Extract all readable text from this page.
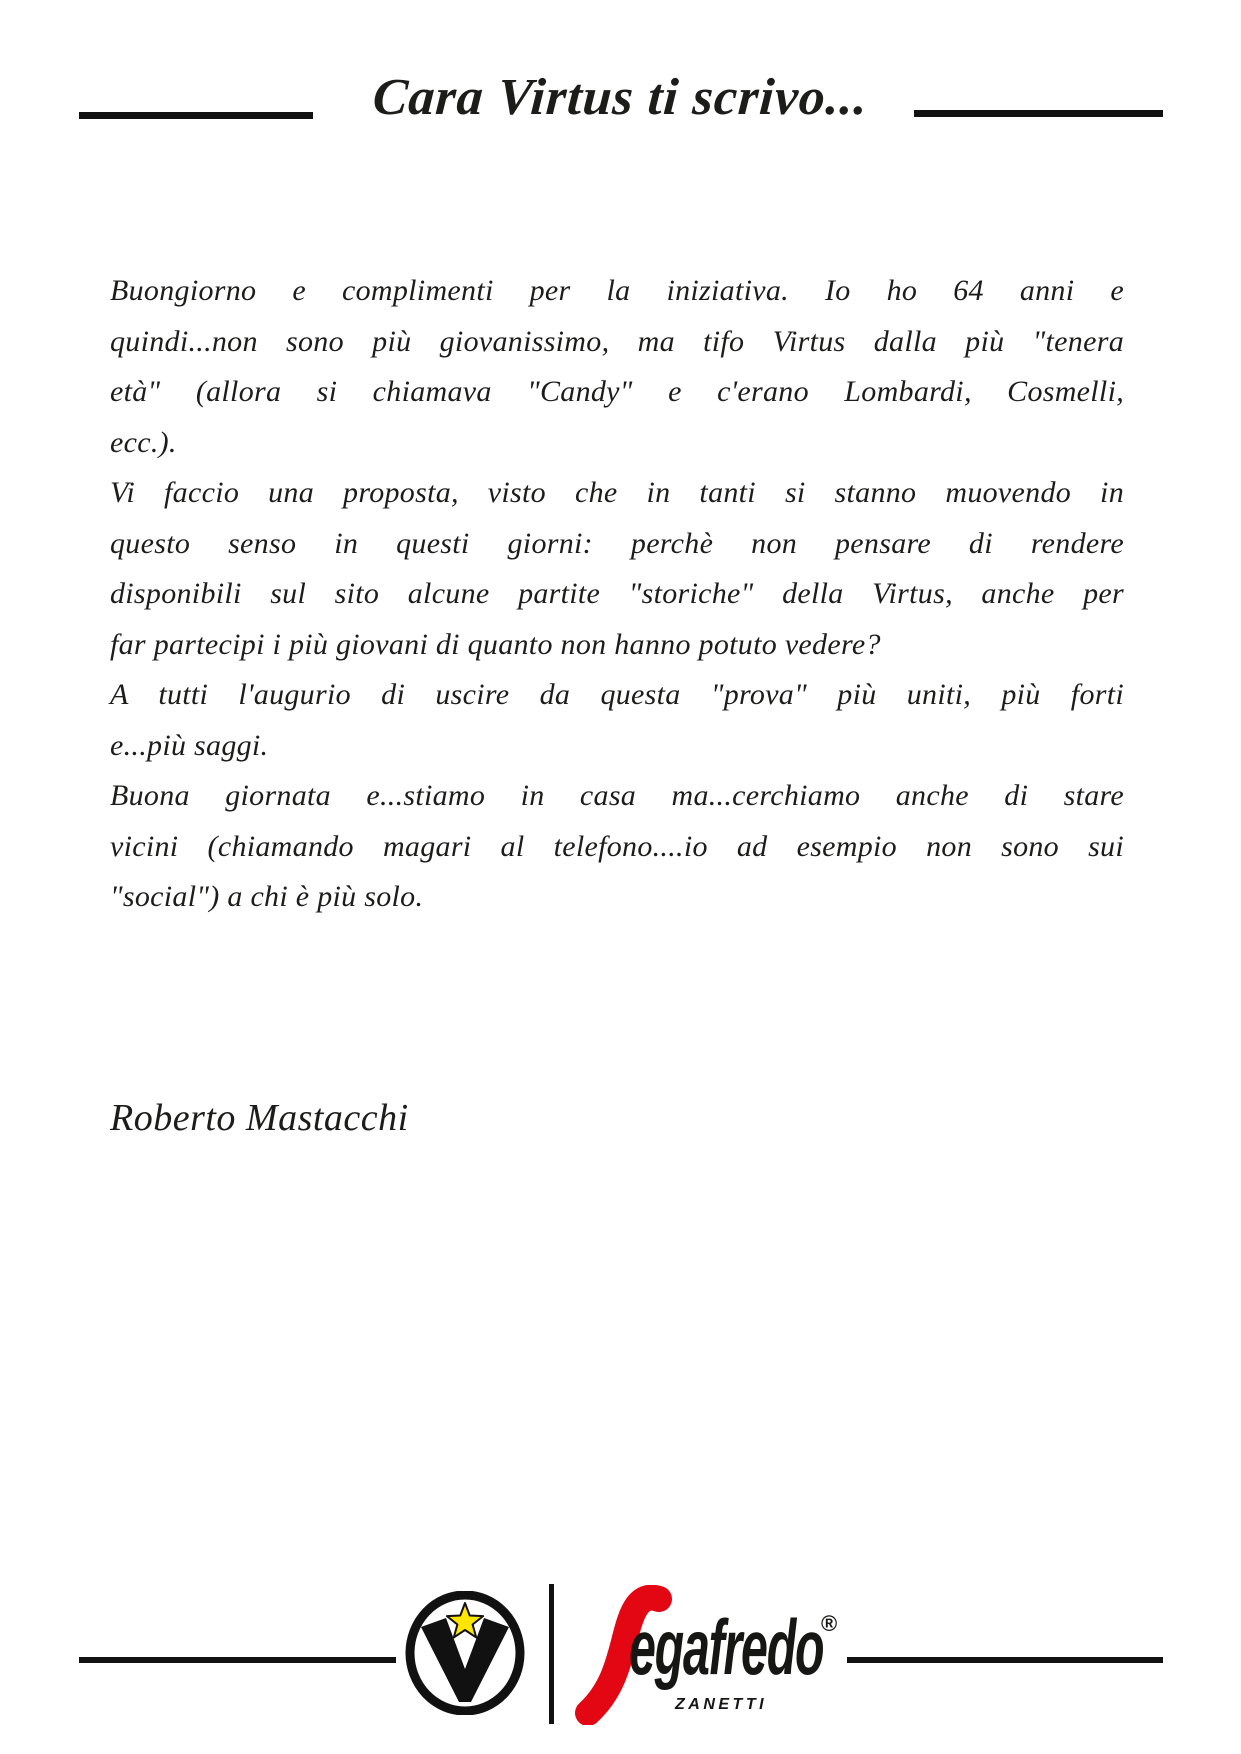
Cara Virtus ti scrivo...
Buongiorno e complimenti per la iniziativa. Io ho 64 anni e
quindi...non sono più giovanissimo, ma tifo Virtus dalla più "tenera
età" (allora si chiamava "Candy" e c'erano Lombardi, Cosmelli,
ecc.).
Vi faccio una proposta, visto che in tanti si stanno muovendo in
questo senso in questi giorni: perchè non pensare di rendere
disponibili sul sito alcune partite "storiche" della Virtus, anche per
far partecipi i più giovani di quanto non hanno potuto vedere?
A tutti l'augurio di uscire da questa "prova" più uniti, più forti
e...più saggi.
Buona giornata e...stiamo in casa ma...cerchiamo anche di stare
vicini (chiamando magari al telefono....io ad esempio non sono sui
"social") a chi è più solo.
Roberto Mastacchi
egafredo
®
ZANETTI
